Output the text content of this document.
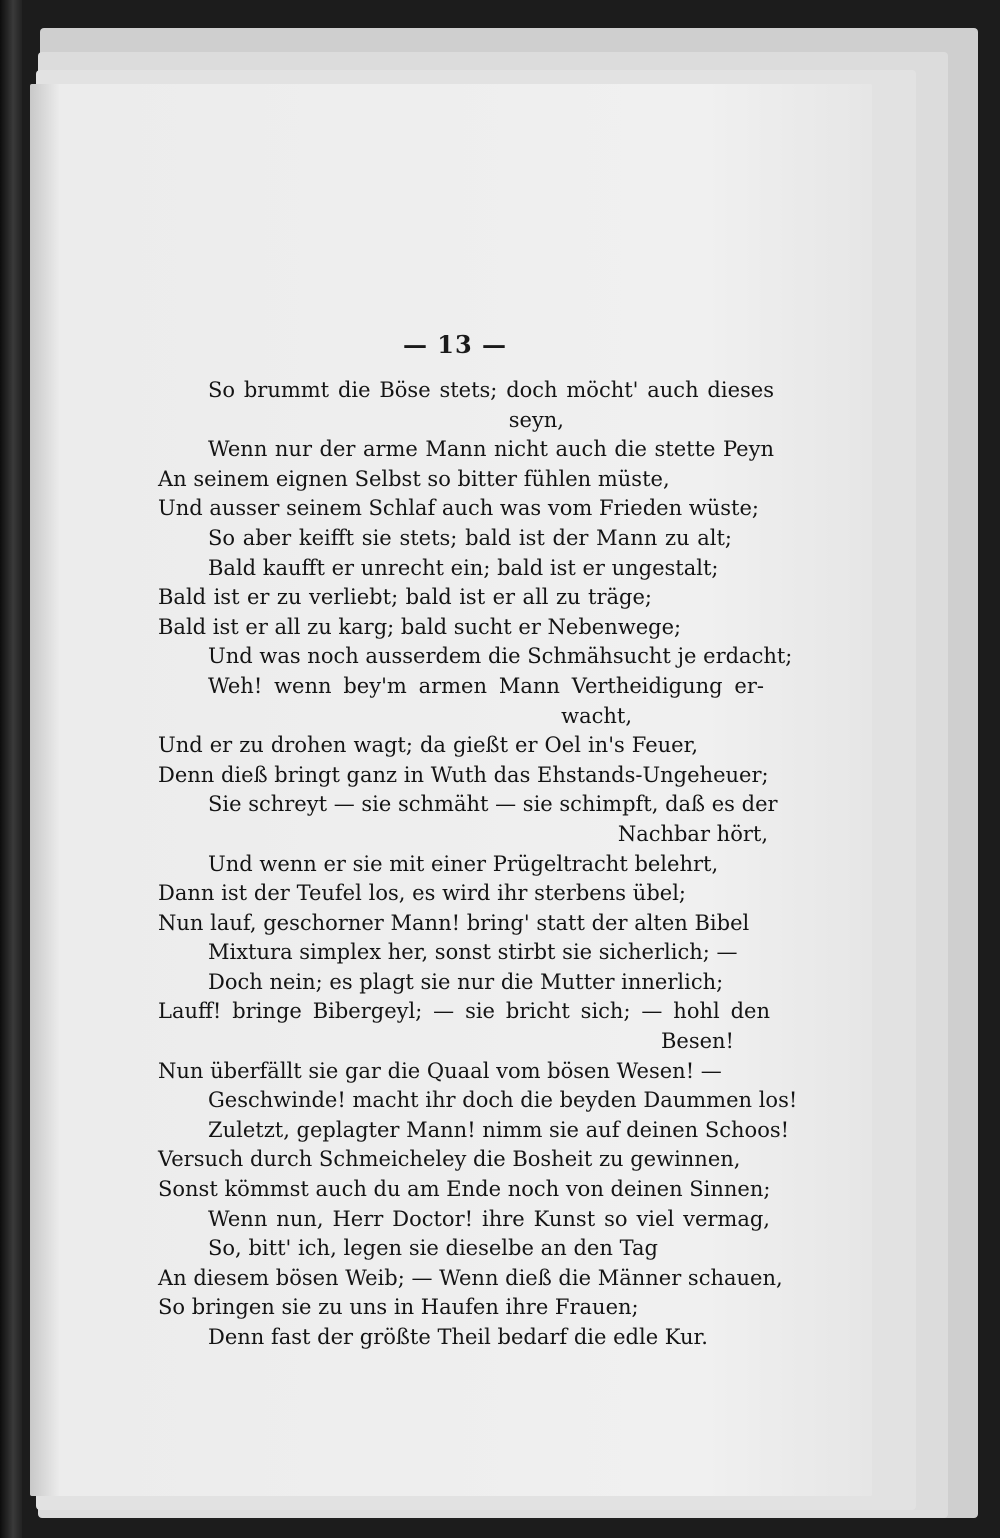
— 13 —
So brummt die Böse stets; doch möcht' auch dieses
seyn,
Wenn nur der arme Mann nicht auch die stette Peyn
An seinem eignen Selbst so bitter fühlen müste,
Und ausser seinem Schlaf auch was vom Frieden wüste;
So aber keifft sie stets; bald ist der Mann zu alt;
Bald kaufft er unrecht ein; bald ist er ungestalt;
Bald ist er zu verliebt; bald ist er all zu träge;
Bald ist er all zu karg; bald sucht er Nebenwege;
Und was noch ausserdem die Schmähsucht je erdacht;
Weh! wenn bey'm armen Mann Vertheidigung er-
wacht,
Und er zu drohen wagt; da gießt er Oel in's Feuer,
Denn dieß bringt ganz in Wuth das Ehstands-Ungeheuer;
Sie schreyt — sie schmäht — sie schimpft, daß es der
Nachbar hört,
Und wenn er sie mit einer Prügeltracht belehrt,
Dann ist der Teufel los, es wird ihr sterbens übel;
Nun lauf, geschorner Mann! bring' statt der alten Bibel
Mixtura simplex her, sonst stirbt sie sicherlich; —
Doch nein; es plagt sie nur die Mutter innerlich;
Lauff! bringe Bibergeyl; — sie bricht sich; — hohl den
Besen!
Nun überfällt sie gar die Quaal vom bösen Wesen! —
Geschwinde! macht ihr doch die beyden Daummen los!
Zuletzt, geplagter Mann! nimm sie auf deinen Schoos!
Versuch durch Schmeicheley die Bosheit zu gewinnen,
Sonst kömmst auch du am Ende noch von deinen Sinnen;
Wenn nun, Herr Doctor! ihre Kunst so viel vermag,
So, bitt' ich, legen sie dieselbe an den Tag
An diesem bösen Weib; — Wenn dieß die Männer schauen,
So bringen sie zu uns in Haufen ihre Frauen;
Denn fast der größte Theil bedarf die edle Kur.
